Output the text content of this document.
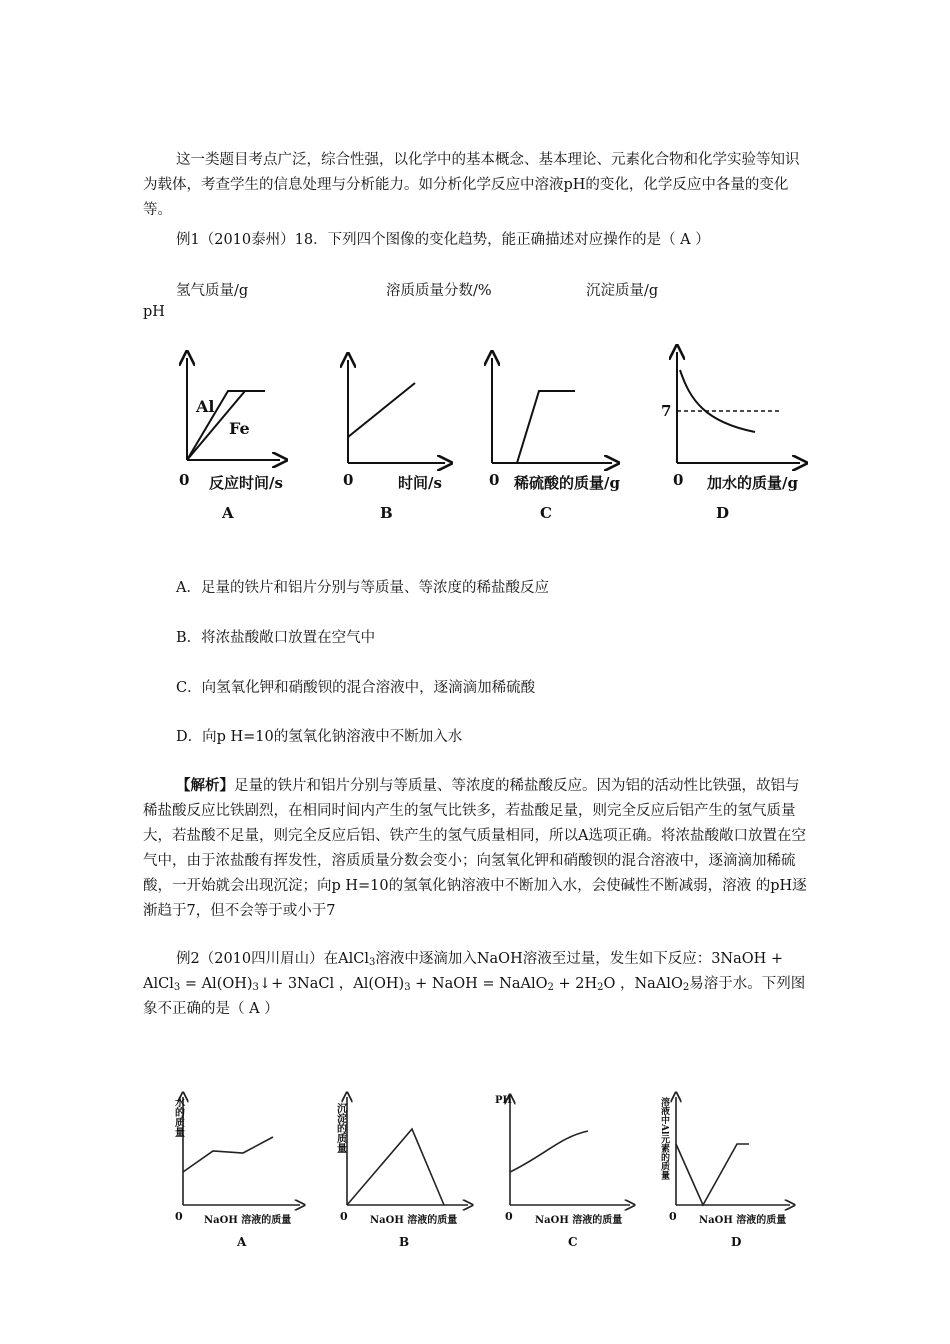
这一类题目考点广泛，综合性强，以化学中的基本概念、基本理论、元素化合物和化学实验等知识为载体，考查学生的信息处理与分析能力。如分析化学反应中溶液pH的变化，化学反应中各量的变化等。
例1（2010泰州）18．下列四个图像的变化趋势，能正确描述对应操作的是（ A ）
氢气质量/g	溶质质量分数/%	沉淀质量/g
pH
Al
Fe
0 反应时间/s
A
0	时间/s
B
0 稀硫酸的质量/g
C
7
0 加水的质量/g
D
A．足量的铁片和铝片分别与等质量、等浓度的稀盐酸反应
B．将浓盐酸敞口放置在空气中
C．向氢氧化钾和硝酸钡的混合溶液中，逐滴滴加稀硫酸
D．向p H=10的氢氧化钠溶液中不断加入水
【解析】足量的铁片和铝片分别与等质量、等浓度的稀盐酸反应。因为铝的活动性比铁强，故铝与稀盐酸反应比铁剧烈，在相同时间内产生的氢气比铁多，若盐酸足量，则完全反应后铝产生的氢气质量大，若盐酸不足量，则完全反应后铝、铁产生的氢气质量相同，所以A选项正确。将浓盐酸敞口放置在空气中，由于浓盐酸有挥发性，溶质质量分数会变小；向氢氧化钾和硝酸钡的混合溶液中，逐滴滴加稀硫酸，一开始就会出现沉淀；向p H=10的氢氧化钠溶液中不断加入水，会使碱性不断减弱，溶液 的pH逐渐趋于7，但不会等于或小于7
例2（2010四川眉山）在AlCl$_3$溶液中逐滴加入NaOH溶液至过量，发生如下反应：3NaOH + AlCl$_3$ = $Al(OH)_3↓+$ 3NaCl ，$Al(OH)_3$ + NaOH = NaAlO$_2$ + $2H_2O$ ，NaAlO$_2$易溶于水。下列图象不正确的是（ A ）
水的质量
0 NaOH 溶液的质量
A
沉淀的质量
0 NaOH 溶液的质量
B
PH
0 NaOH 溶液的质量
C
溶液中Al元素的质量
0 NaOH 溶液的质量
D
